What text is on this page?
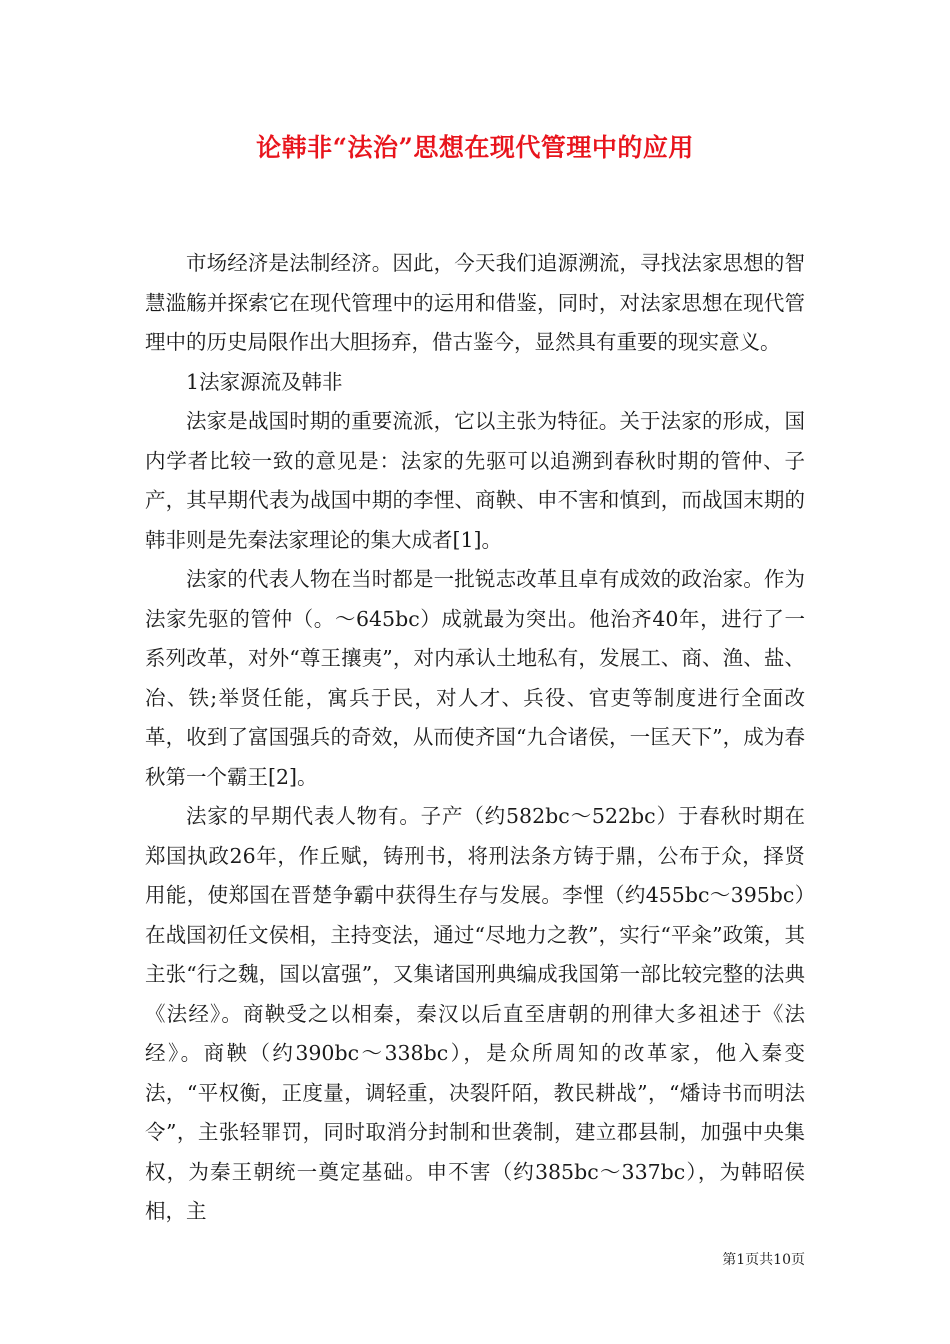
论韩非“法治”思想在现代管理中的应用

市场经济是法制经济。因此，今天我们追源溯流，寻找法家思想的智慧滥觞并探索它在现代管理中的运用和借鉴，同时，对法家思想在现代管理中的历史局限作出大胆扬弃，借古鉴今，显然具有重要的现实意义。

1法家源流及韩非

法家是战国时期的重要流派，它以主张为特征。关于法家的形成，国内学者比较一致的意见是：法家的先驱可以追溯到春秋时期的管仲、子产，其早期代表为战国中期的李悝、商鞅、申不害和慎到，而战国末期的韩非则是先秦法家理论的集大成者[1]。

法家的代表人物在当时都是一批锐志改革且卓有成效的政治家。作为法家先驱的管仲（。～645bc）成就最为突出。他治齐40年，进行了一系列改革，对外“尊王攘夷”，对内承认土地私有，发展工、商、渔、盐、冶、铁;举贤任能，寓兵于民，对人才、兵役、官吏等制度进行全面改革，收到了富国强兵的奇效，从而使齐国“九合诸侯，一匡天下”，成为春秋第一个霸王[2]。

法家的早期代表人物有。子产（约582bc～522bc）于春秋时期在郑国执政26年，作丘赋，铸刑书，将刑法条方铸于鼎，公布于众，择贤用能，使郑国在晋楚争霸中获得生存与发展。李悝（约455bc～395bc）在战国初任文侯相，主持变法，通过“尽地力之教”，实行“平籴”政策，其主张“行之魏，国以富强”，又集诸国刑典编成我国第一部比较完整的法典《法经》。商鞅受之以相秦，秦汉以后直至唐朝的刑律大多祖述于《法经》。商鞅（约390bc～338bc），是众所周知的改革家，他入秦变法，“平权衡，正度量，调轻重，决裂阡陌，教民耕战”，“燔诗书而明法令”，主张轻罪罚，同时取消分封制和世袭制，建立郡县制，加强中央集权，为秦王朝统一奠定基础。申不害（约385bc～337bc），为韩昭侯相，主

第1页共10页
